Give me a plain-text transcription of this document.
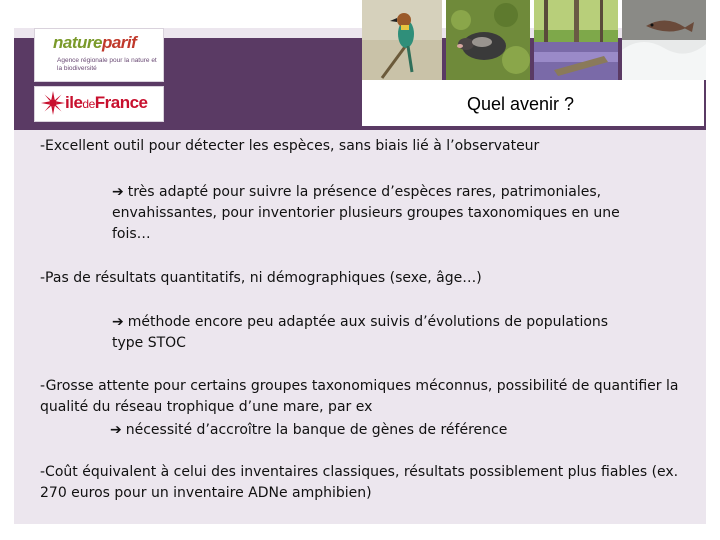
natureparif
Agence régionale pour la nature et la biodiversité
iledeFrance	Quel avenir ?
-Excellent outil pour détecter les espèces, sans biais lié à l’observateur
➔ très adapté pour suivre la présence d’espèces rares, patrimoniales, envahissantes, pour inventorier plusieurs groupes taxonomiques en une fois…
-Pas de résultats quantitatifs, ni démographiques (sexe, âge…)
➔ méthode encore peu adaptée aux suivis d’évolutions de populations type STOC
-Grosse attente pour certains groupes taxonomiques méconnus, possibilité de quantifier la qualité du réseau trophique d’une mare, par ex
➔ nécessité d’accroître la banque de gènes de référence
-Coût équivalent à celui des inventaires classiques, résultats possiblement plus fiables (ex. 270 euros pour un inventaire ADNe amphibien)
